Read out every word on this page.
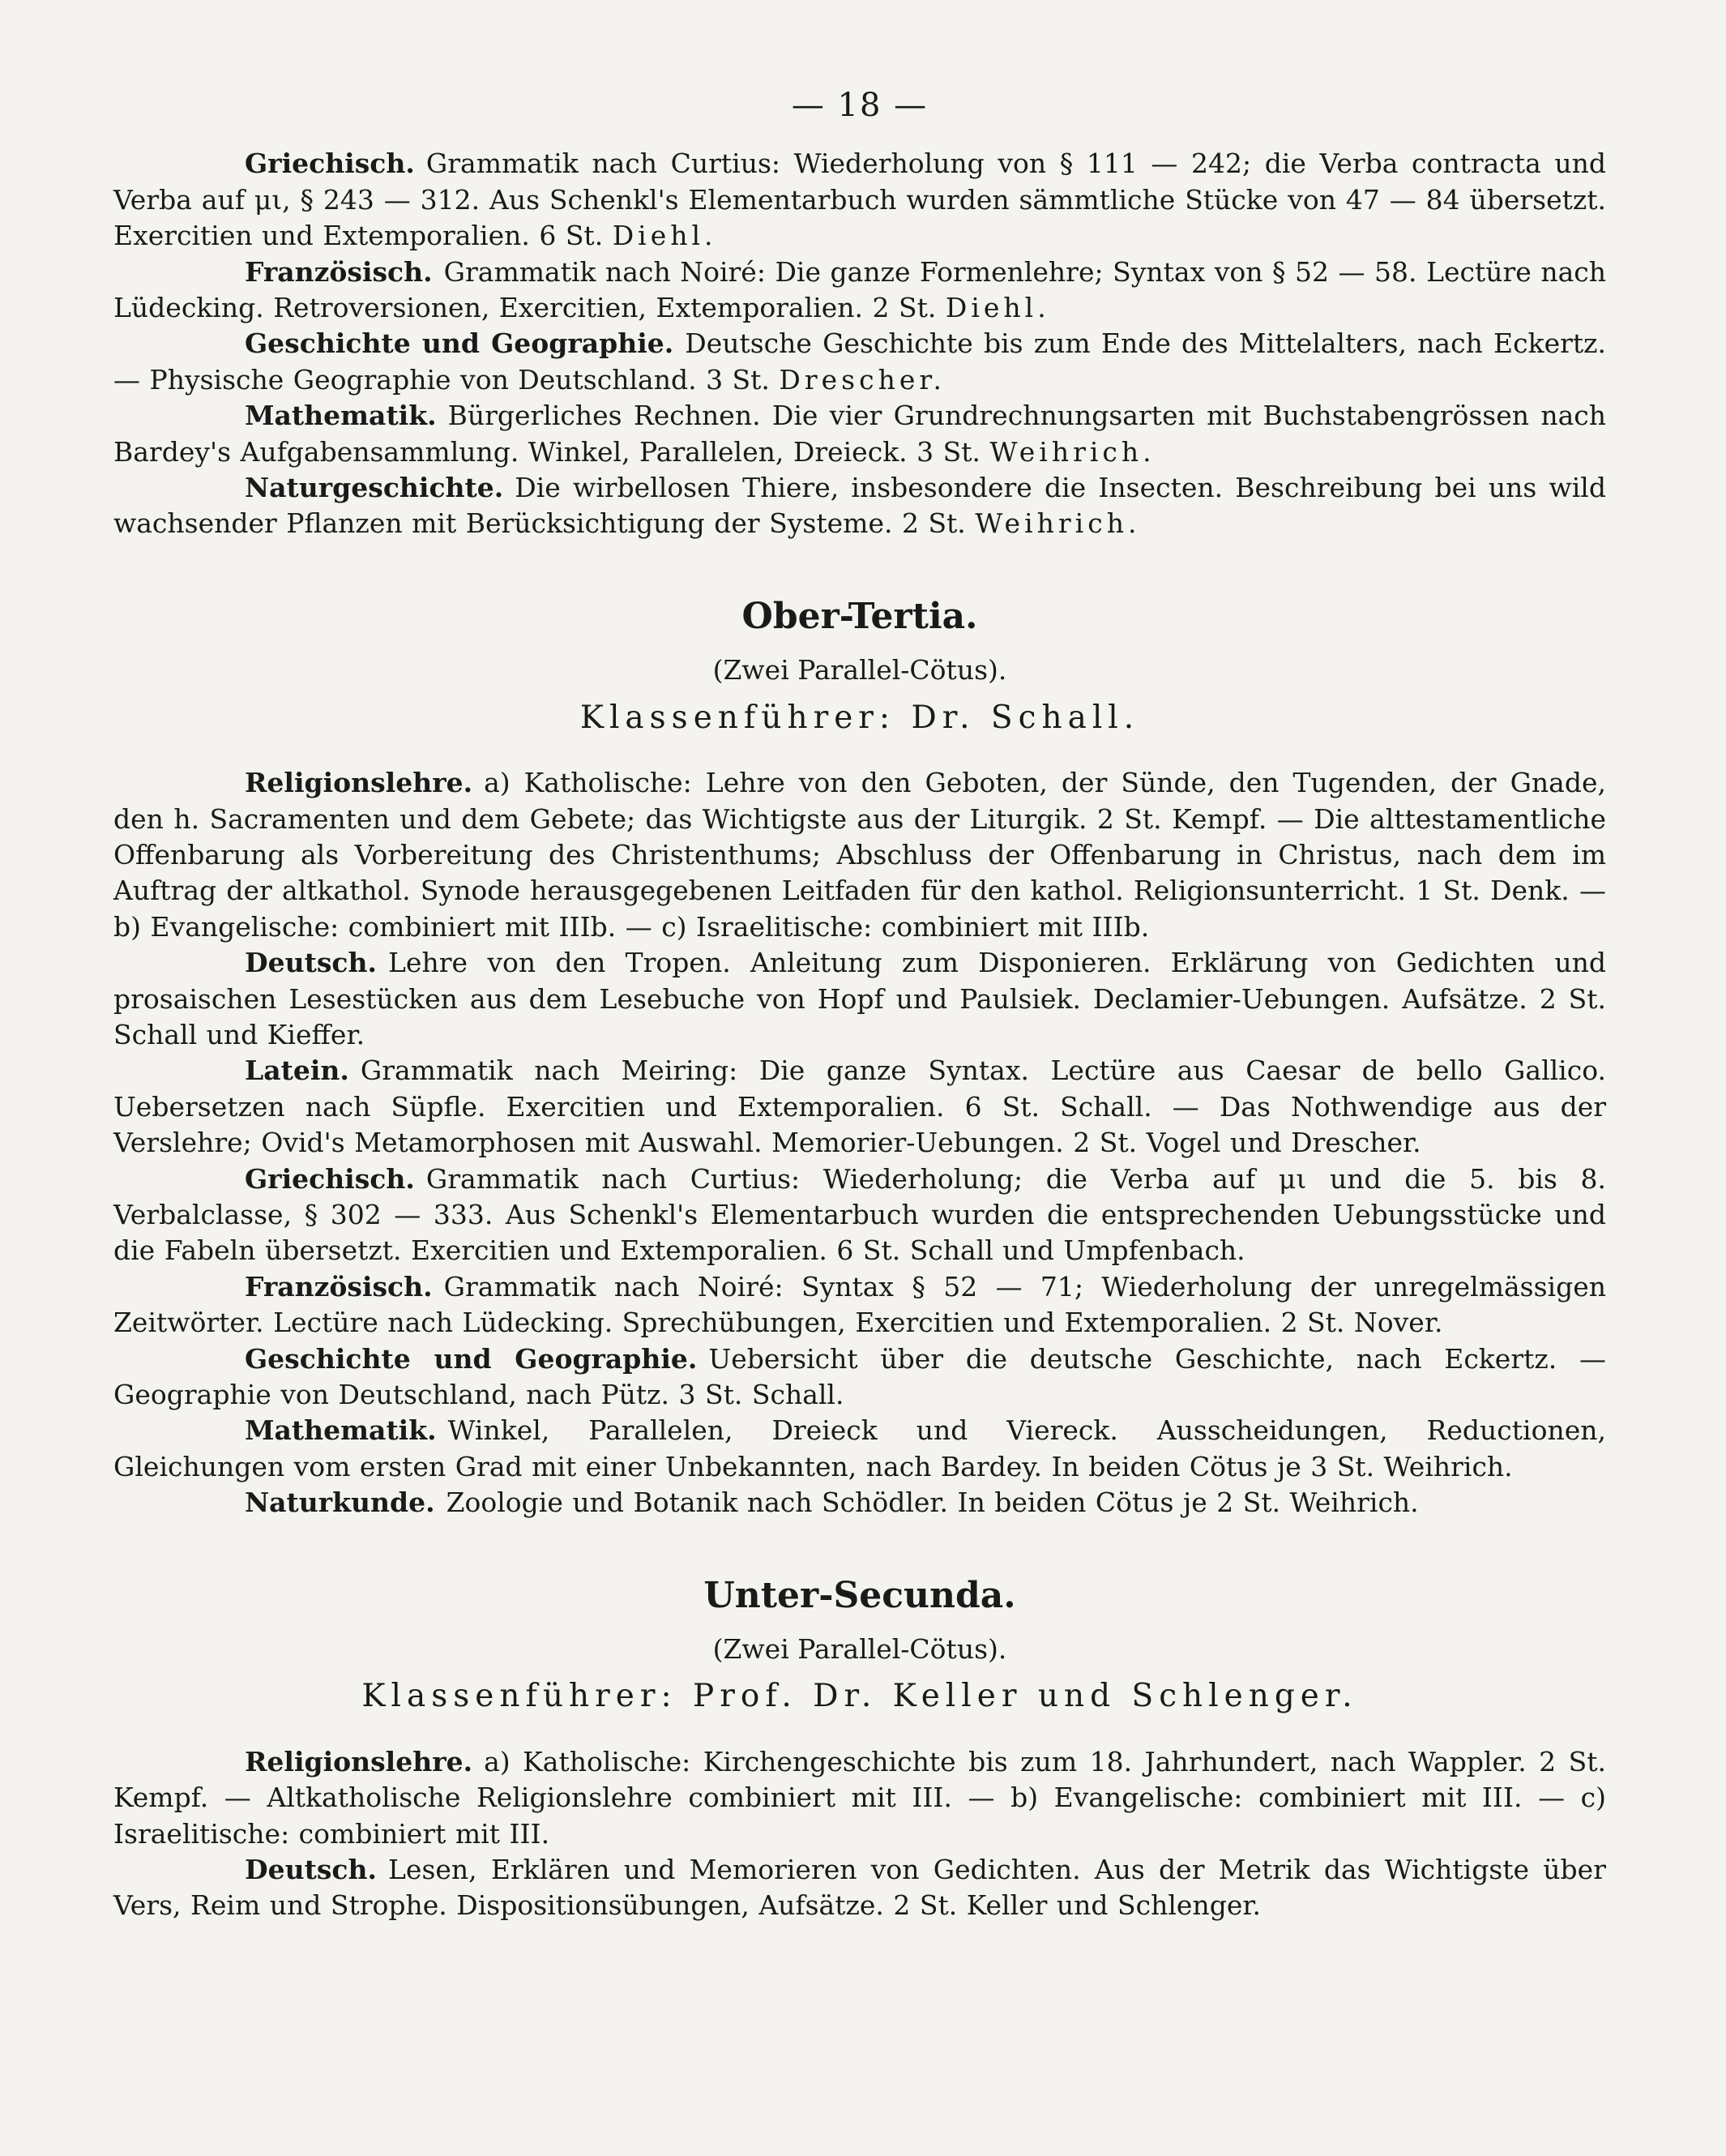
— 18 —

Griechisch. Grammatik nach Curtius: Wiederholung von § 111 — 242; die Verba contracta und Verba auf μι, § 243 — 312. Aus Schenkl's Elementarbuch wurden sämmtliche Stücke von 47 — 84 übersetzt. Exercitien und Extemporalien. 6 St. Diehl.

Französisch. Grammatik nach Noiré: Die ganze Formenlehre; Syntax von § 52 — 58. Lectüre nach Lüdecking. Retroversionen, Exercitien, Extemporalien. 2 St. Diehl.

Geschichte und Geographie. Deutsche Geschichte bis zum Ende des Mittelalters, nach Eckertz. — Physische Geographie von Deutschland. 3 St. Drescher.

Mathematik. Bürgerliches Rechnen. Die vier Grundrechnungsarten mit Buchstabengrössen nach Bardey's Aufgabensammlung. Winkel, Parallelen, Dreieck. 3 St. Weihrich.

Naturgeschichte. Die wirbellosen Thiere, insbesondere die Insecten. Beschreibung bei uns wild wachsender Pflanzen mit Berücksichtigung der Systeme. 2 St. Weihrich.

Ober-Tertia.
(Zwei Parallel-Cötus).
Klassenführer: Dr. Schall.

Religionslehre. a) Katholische: Lehre von den Geboten, der Sünde, den Tugenden, der Gnade, den h. Sacramenten und dem Gebete; das Wichtigste aus der Liturgik. 2 St. Kempf. — Die alttestamentliche Offenbarung als Vorbereitung des Christenthums; Abschluss der Offenbarung in Christus, nach dem im Auftrag der altkathol. Synode herausgegebenen Leitfaden für den kathol. Religionsunterricht. 1 St. Denk. — b) Evangelische: combiniert mit IIIb. — c) Israelitische: combiniert mit IIIb.

Deutsch. Lehre von den Tropen. Anleitung zum Disponieren. Erklärung von Gedichten und prosaischen Lesestücken aus dem Lesebuche von Hopf und Paulsiek. Declamier-Uebungen. Aufsätze. 2 St. Schall und Kieffer.

Latein. Grammatik nach Meiring: Die ganze Syntax. Lectüre aus Caesar de bello Gallico. Uebersetzen nach Süpfle. Exercitien und Extemporalien. 6 St. Schall. — Das Nothwendige aus der Verslehre; Ovid's Metamorphosen mit Auswahl. Memorier-Uebungen. 2 St. Vogel und Drescher.

Griechisch. Grammatik nach Curtius: Wiederholung; die Verba auf μι und die 5. bis 8. Verbalclasse, § 302 — 333. Aus Schenkl's Elementarbuch wurden die entsprechenden Uebungsstücke und die Fabeln übersetzt. Exercitien und Extemporalien. 6 St. Schall und Umpfenbach.

Französisch. Grammatik nach Noiré: Syntax § 52 — 71; Wiederholung der unregelmässigen Zeitwörter. Lectüre nach Lüdecking. Sprechübungen, Exercitien und Extemporalien. 2 St. Nover.

Geschichte und Geographie. Uebersicht über die deutsche Geschichte, nach Eckertz. — Geographie von Deutschland, nach Pütz. 3 St. Schall.

Mathematik. Winkel, Parallelen, Dreieck und Viereck. Ausscheidungen, Reductionen, Gleichungen vom ersten Grad mit einer Unbekannten, nach Bardey. In beiden Cötus je 3 St. Weihrich.

Naturkunde. Zoologie und Botanik nach Schödler. In beiden Cötus je 2 St. Weihrich.

Unter-Secunda.
(Zwei Parallel-Cötus).
Klassenführer: Prof. Dr. Keller und Schlenger.

Religionslehre. a) Katholische: Kirchengeschichte bis zum 18. Jahrhundert, nach Wappler. 2 St. Kempf. — Altkatholische Religionslehre combiniert mit III. — b) Evangelische: combiniert mit III. — c) Israelitische: combiniert mit III.

Deutsch. Lesen, Erklären und Memorieren von Gedichten. Aus der Metrik das Wichtigste über Vers, Reim und Strophe. Dispositionsübungen, Aufsätze. 2 St. Keller und Schlenger.
